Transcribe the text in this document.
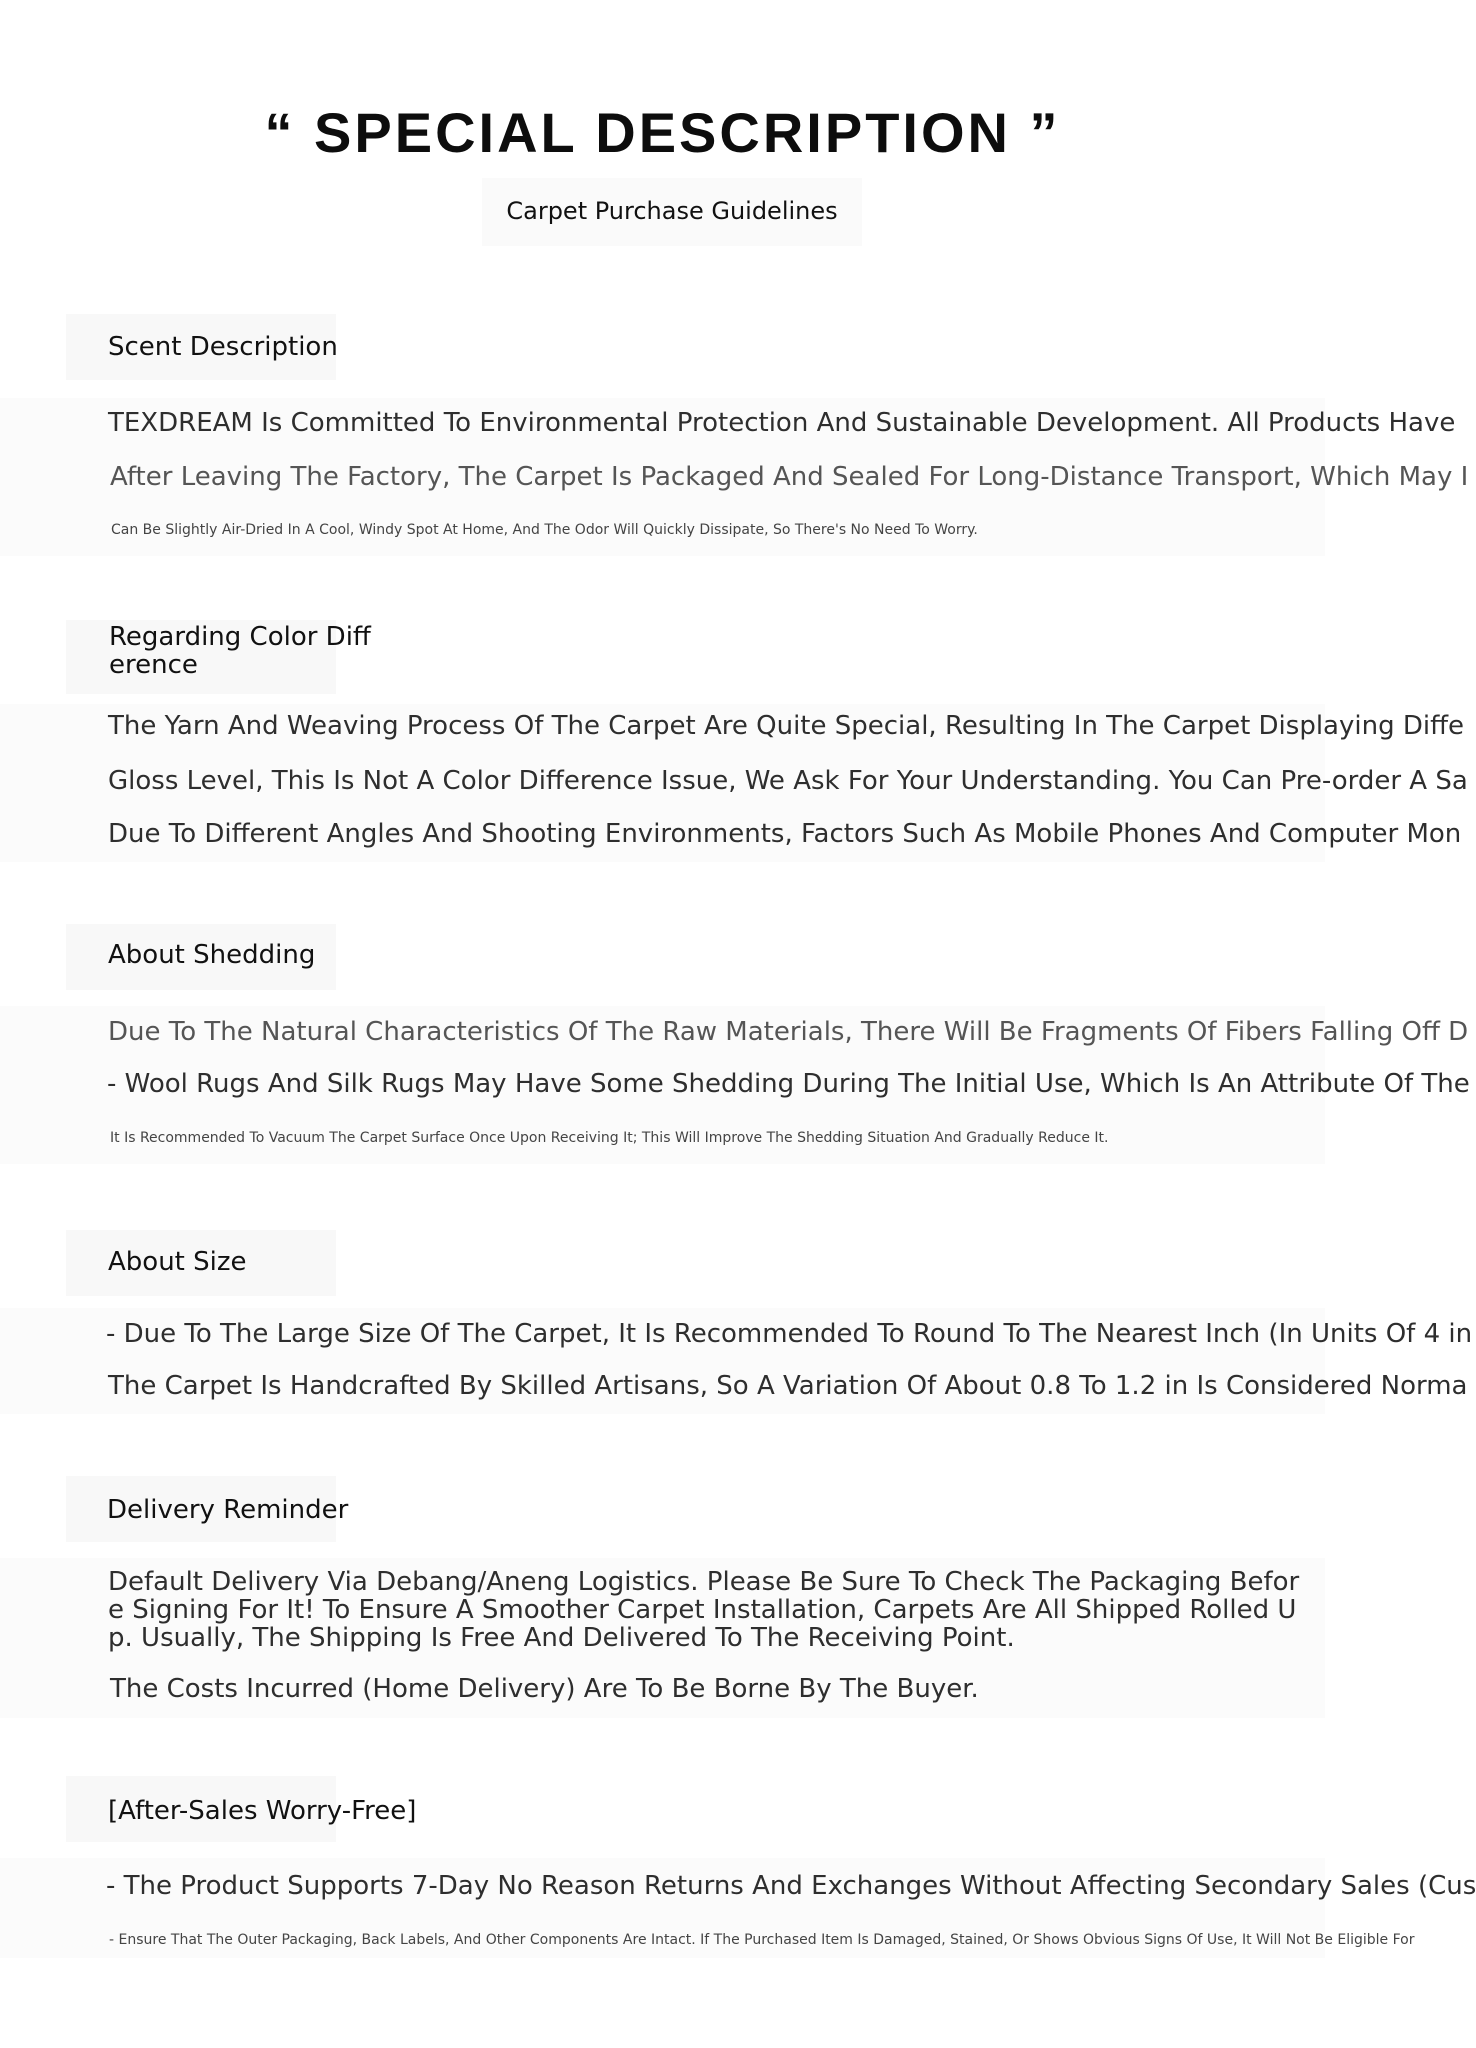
“ SPECIAL DESCRIPTION ”
Carpet Purchase Guidelines
Scent Description
TEXDREAM Is Committed To Environmental Protection And Sustainable Development. All Products Have
After Leaving The Factory, The Carpet Is Packaged And Sealed For Long-Distance Transport, Which May I
Can Be Slightly Air-Dried In A Cool, Windy Spot At Home, And The Odor Will Quickly Dissipate, So There's No Need To Worry.
Regarding Color Diff
erence
The Yarn And Weaving Process Of The Carpet Are Quite Special, Resulting In The Carpet Displaying Diffe
Gloss Level, This Is Not A Color Difference Issue, We Ask For Your Understanding. You Can Pre-order A Sa
Due To Different Angles And Shooting Environments, Factors Such As Mobile Phones And Computer Mon
About Shedding
Due To The Natural Characteristics Of The Raw Materials, There Will Be Fragments Of Fibers Falling Off D
- Wool Rugs And Silk Rugs May Have Some Shedding During The Initial Use, Which Is An Attribute Of The
It Is Recommended To Vacuum The Carpet Surface Once Upon Receiving It; This Will Improve The Shedding Situation And Gradually Reduce It.
About Size
- Due To The Large Size Of The Carpet, It Is Recommended To Round To The Nearest Inch (In Units Of 4 in
The Carpet Is Handcrafted By Skilled Artisans, So A Variation Of About 0.8 To 1.2 in Is Considered Norma
Delivery Reminder
Default Delivery Via Debang/Aneng Logistics. Please Be Sure To Check The Packaging Befor
e Signing For It! To Ensure A Smoother Carpet Installation, Carpets Are All Shipped Rolled U
p. Usually, The Shipping Is Free And Delivered To The Receiving Point.
The Costs Incurred (Home Delivery) Are To Be Borne By The Buyer.
[After-Sales Worry-Free]
- The Product Supports 7-Day No Reason Returns And Exchanges Without Affecting Secondary Sales (Cus
- Ensure That The Outer Packaging, Back Labels, And Other Components Are Intact. If The Purchased Item Is Damaged, Stained, Or Shows Obvious Signs Of Use, It Will Not Be Eligible For
